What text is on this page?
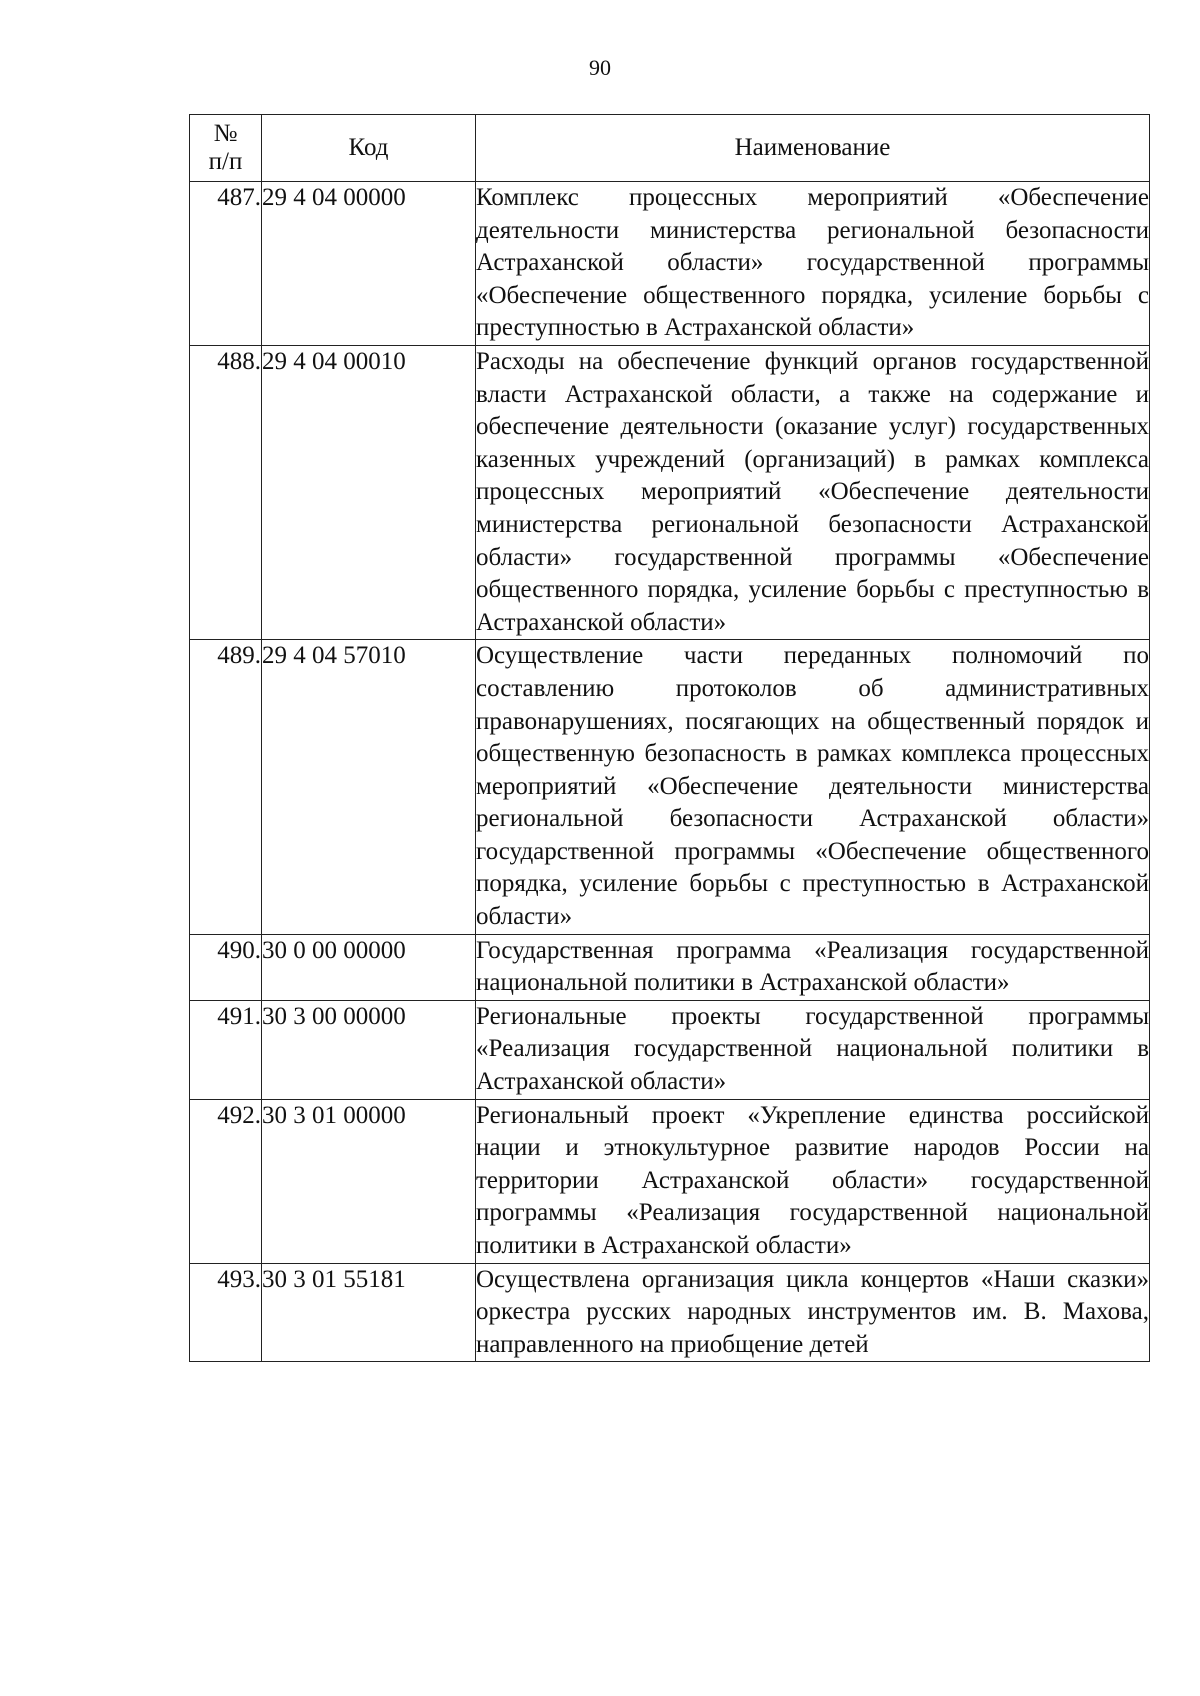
90
№
п/п	Код	Наименование
487.	29 4 04 00000	Комплекс процессных мероприятий «Обеспечение деятельности министерства региональной безопасности Астраханской области» государственной программы «Обеспечение общественного порядка, усиление борьбы с преступностью в Астраханской области»
488.	29 4 04 00010	Расходы на обеспечение функций органов государственной власти Астраханской области, а также на содержание и обеспечение деятельности (оказание услуг) государственных казенных учреждений (организаций) в рамках комплекса процессных мероприятий «Обеспечение деятельности министерства региональной безопасности Астраханской области» государственной программы «Обеспечение общественного порядка, усиление борьбы с преступностью в Астраханской области»
489.	29 4 04 57010	Осуществление части переданных полномочий по составлению протоколов об административных правонарушениях, посягающих на общественный порядок и общественную безопасность в рамках комплекса процессных мероприятий «Обеспечение деятельности министерства региональной безопасности Астраханской области» государственной программы «Обеспечение общественного порядка, усиление борьбы с преступностью в Астраханской области»
490.	30 0 00 00000	Государственная программа «Реализация государственной национальной политики в Астраханской области»
491.	30 3 00 00000	Региональные проекты государственной программы «Реализация государственной национальной политики в Астраханской области»
492.	30 3 01 00000	Региональный проект «Укрепление единства российской нации и этнокультурное развитие народов России на территории Астраханской области» государственной программы «Реализация государственной национальной политики в Астраханской области»
493.	30 3 01 55181	Осуществлена организация цикла концертов «Наши сказки» оркестра русских народных инструментов им. В. Махова, направленного на приобщение детей
